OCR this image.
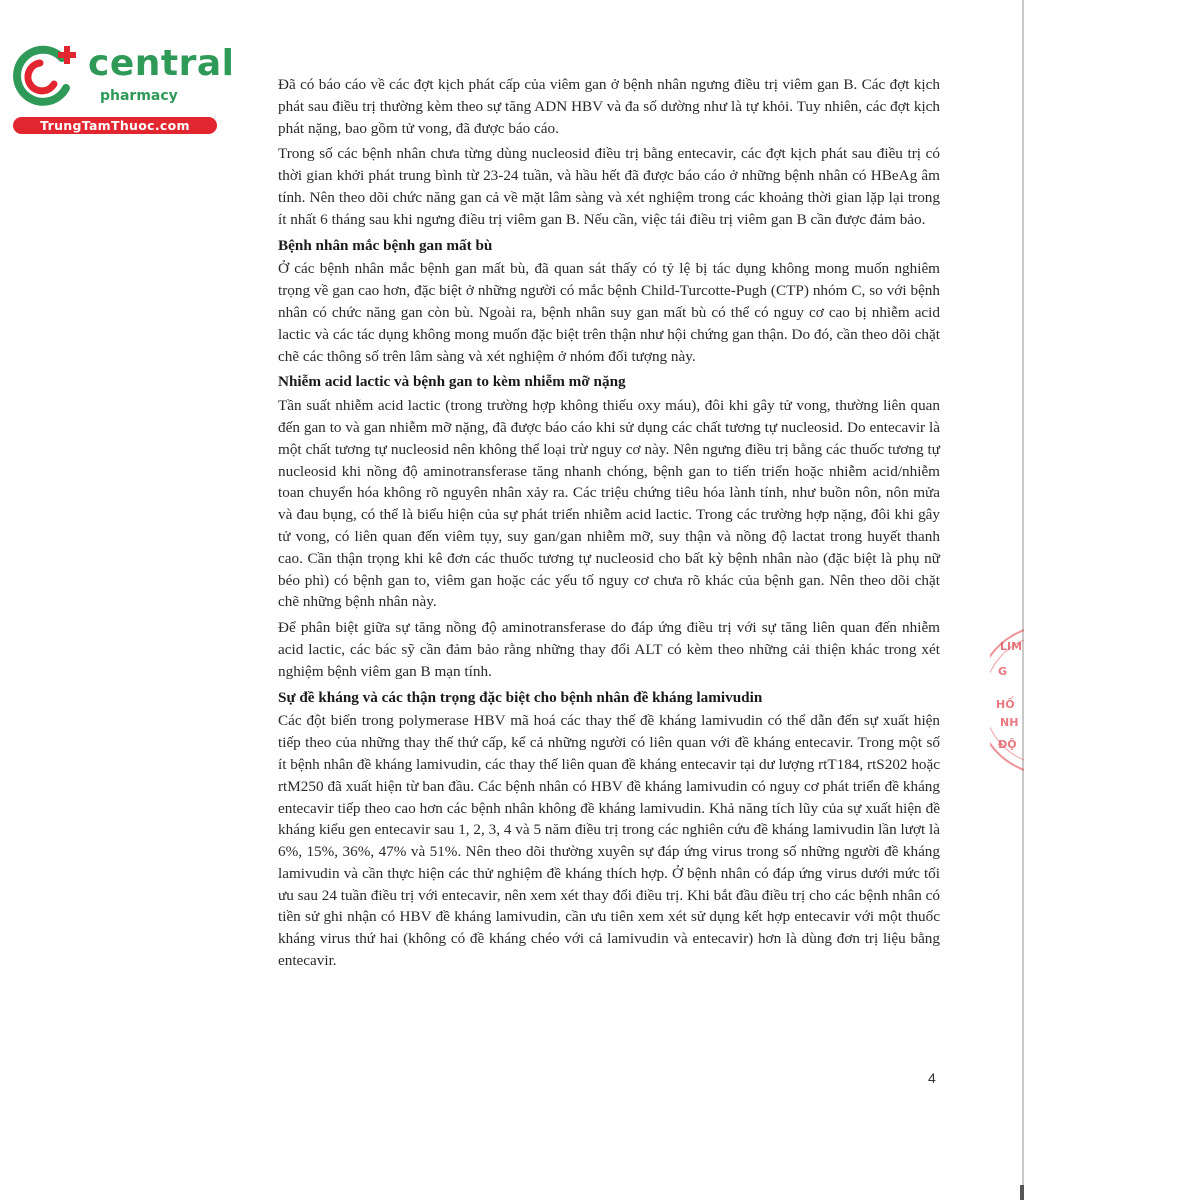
central
pharmacy
TrungTamThuoc.com

Đã có báo cáo về các đợt kịch phát cấp của viêm gan ở bệnh nhân ngưng điều trị viêm gan B. Các đợt kịch phát sau điều trị thường kèm theo sự tăng ADN HBV và đa số dường như là tự khỏi. Tuy nhiên, các đợt kịch phát nặng, bao gồm tử vong, đã được báo cáo.

Trong số các bệnh nhân chưa từng dùng nucleosid điều trị bằng entecavir, các đợt kịch phát sau điều trị có thời gian khởi phát trung bình từ 23-24 tuần, và hầu hết đã được báo cáo ở những bệnh nhân có HBeAg âm tính. Nên theo dõi chức năng gan cả về mặt lâm sàng và xét nghiệm trong các khoảng thời gian lặp lại trong ít nhất 6 tháng sau khi ngưng điều trị viêm gan B. Nếu cần, việc tái điều trị viêm gan B cần được đảm bảo.

Bệnh nhân mắc bệnh gan mất bù

Ở các bệnh nhân mắc bệnh gan mất bù, đã quan sát thấy có tỷ lệ bị tác dụng không mong muốn nghiêm trọng về gan cao hơn, đặc biệt ở những người có mắc bệnh Child-Turcotte-Pugh (CTP) nhóm C, so với bệnh nhân có chức năng gan còn bù. Ngoài ra, bệnh nhân suy gan mất bù có thể có nguy cơ cao bị nhiễm acid lactic và các tác dụng không mong muốn đặc biệt trên thận như hội chứng gan thận. Do đó, cần theo dõi chặt chẽ các thông số trên lâm sàng và xét nghiệm ở nhóm đối tượng này.

Nhiễm acid lactic và bệnh gan to kèm nhiễm mỡ nặng

Tần suất nhiễm acid lactic (trong trường hợp không thiếu oxy máu), đôi khi gây tử vong, thường liên quan đến gan to và gan nhiễm mỡ nặng, đã được báo cáo khi sử dụng các chất tương tự nucleosid. Do entecavir là một chất tương tự nucleosid nên không thể loại trừ nguy cơ này. Nên ngưng điều trị bằng các thuốc tương tự nucleosid khi nồng độ aminotransferase tăng nhanh chóng, bệnh gan to tiến triển hoặc nhiễm acid/nhiễm toan chuyển hóa không rõ nguyên nhân xảy ra. Các triệu chứng tiêu hóa lành tính, như buồn nôn, nôn mửa và đau bụng, có thể là biểu hiện của sự phát triển nhiễm acid lactic. Trong các trường hợp nặng, đôi khi gây tử vong, có liên quan đến viêm tụy, suy gan/gan nhiễm mỡ, suy thận và nồng độ lactat trong huyết thanh cao. Cần thận trọng khi kê đơn các thuốc tương tự nucleosid cho bất kỳ bệnh nhân nào (đặc biệt là phụ nữ béo phì) có bệnh gan to, viêm gan hoặc các yếu tố nguy cơ chưa rõ khác của bệnh gan. Nên theo dõi chặt chẽ những bệnh nhân này.

Để phân biệt giữa sự tăng nồng độ aminotransferase do đáp ứng điều trị với sự tăng liên quan đến nhiễm acid lactic, các bác sỹ cần đảm bảo rằng những thay đổi ALT có kèm theo những cải thiện khác trong xét nghiệm bệnh viêm gan B mạn tính.

Sự đề kháng và các thận trọng đặc biệt cho bệnh nhân đề kháng lamivudin

Các đột biến trong polymerase HBV mã hoá các thay thế đề kháng lamivudin có thể dẫn đến sự xuất hiện tiếp theo của những thay thế thứ cấp, kể cả những người có liên quan với đề kháng entecavir. Trong một số ít bệnh nhân đề kháng lamivudin, các thay thế liên quan đề kháng entecavir tại dư lượng rtT184, rtS202 hoặc rtM250 đã xuất hiện từ ban đầu. Các bệnh nhân có HBV đề kháng lamivudin có nguy cơ phát triển đề kháng entecavir tiếp theo cao hơn các bệnh nhân không đề kháng lamivudin. Khả năng tích lũy của sự xuất hiện đề kháng kiểu gen entecavir sau 1, 2, 3, 4 và 5 năm điều trị trong các nghiên cứu đề kháng lamivudin lần lượt là 6%, 15%, 36%, 47% và 51%. Nên theo dõi thường xuyên sự đáp ứng virus trong số những người đề kháng lamivudin và cần thực hiện các thử nghiệm đề kháng thích hợp. Ở bệnh nhân có đáp ứng virus dưới mức tối ưu sau 24 tuần điều trị với entecavir, nên xem xét thay đổi điều trị. Khi bắt đầu điều trị cho các bệnh nhân có tiền sử ghi nhận có HBV đề kháng lamivudin, cần ưu tiên xem xét sử dụng kết hợp entecavir với một thuốc kháng virus thứ hai (không có đề kháng chéo với cả lamivudin và entecavir) hơn là dùng đơn trị liệu bằng entecavir.

4
LIM
G
HỐ
NH
ĐỘ
